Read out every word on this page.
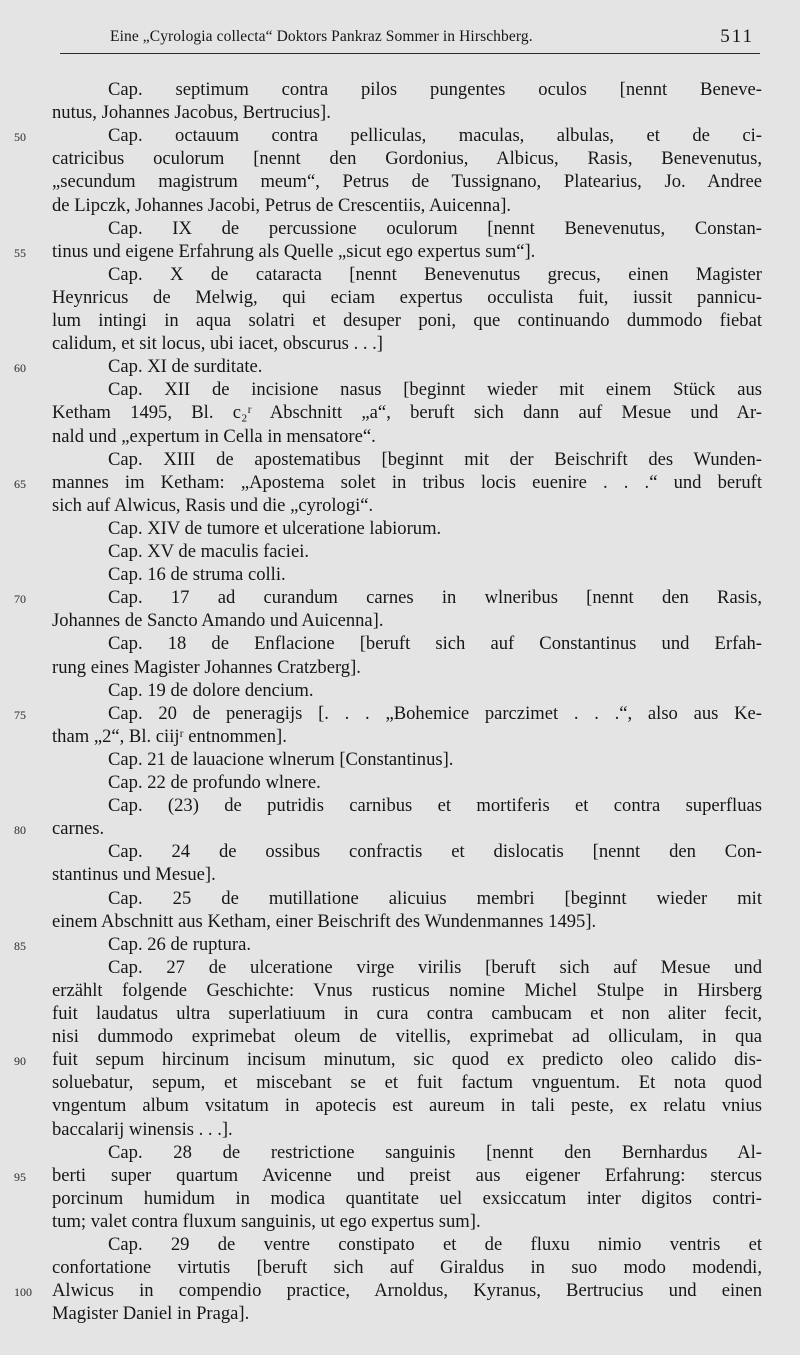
Eine „Cyrologia collecta“ Doktors Pankraz Sommer in Hirschberg.	511
Cap. septimum contra pilos pungentes oculos [nennt Beneve-
nutus, Johannes Jacobus, Bertrucius].
Cap. octauum contra pelliculas, maculas, albulas, et de ci-
50
catricibus oculorum [nennt den Gordonius, Albicus, Rasis, Benevenutus,
„secundum magistrum meum“, Petrus de Tussignano, Platearius, Jo. Andree
de Lipczk, Johannes Jacobi, Petrus de Crescentiis, Auicenna].
Cap. IX de percussione oculorum [nennt Benevenutus, Constan-
tinus und eigene Erfahrung als Quelle „sicut ego expertus sum“].
55
Cap. X de cataracta [nennt Benevenutus grecus, einen Magister
Heynricus de Melwig, qui eciam expertus occulista fuit, iussit pannicu-
lum intingi in aqua solatri et desuper poni, que continuando dummodo fiebat
calidum, et sit locus, ubi iacet, obscurus . . .]
Cap. XI de surditate.
60
Cap. XII de incisione nasus [beginnt wieder mit einem Stück aus
Ketham 1495, Bl. c₂ʳ Abschnitt „a“, beruft sich dann auf Mesue und Ar-
nald und „expertum in Cella in mensatore“.
Cap. XIII de apostematibus [beginnt mit der Beischrift des Wunden-
mannes im Ketham: „Apostema solet in tribus locis euenire . . .“ und beruft
65
sich auf Alwicus, Rasis und die „cyrologi“.
Cap. XIV de tumore et ulceratione labiorum.
Cap. XV de maculis faciei.
Cap. 16 de struma colli.
Cap. 17 ad curandum carnes in wlneribus [nennt den Rasis,
70
Johannes de Sancto Amando und Auicenna].
Cap. 18 de Enflacione [beruft sich auf Constantinus und Erfah-
rung eines Magister Johannes Cratzberg].
Cap. 19 de dolore dencium.
Cap. 20 de peneragijs [. . . „Bohemice parczimet . . .“, also aus Ke-
75
tham „2“, Bl. ciijʳ entnommen].
Cap. 21 de lauacione wlnerum [Constantinus].
Cap. 22 de profundo wlnere.
Cap. (23) de putridis carnibus et mortiferis et contra superfluas
carnes.
80
Cap. 24 de ossibus confractis et dislocatis [nennt den Con-
stantinus und Mesue].
Cap. 25 de mutillatione alicuius membri [beginnt wieder mit
einem Abschnitt aus Ketham, einer Beischrift des Wundenmannes 1495].
Cap. 26 de ruptura.
85
Cap. 27 de ulceratione virge virilis [beruft sich auf Mesue und
erzählt folgende Geschichte: Vnus rusticus nomine Michel Stulpe in Hirsberg
fuit laudatus ultra superlatiuum in cura contra cambucam et non aliter fecit,
nisi dummodo exprimebat oleum de vitellis, exprimebat ad olliculam, in qua
fuit sepum hircinum incisum minutum, sic quod ex predicto oleo calido dis-
90
soluebatur, sepum, et miscebant se et fuit factum vnguentum. Et nota quod
vngentum album vsitatum in apotecis est aureum in tali peste, ex relatu vnius
baccalarij winensis . . .].
Cap. 28 de restrictione sanguinis [nennt den Bernhardus Al-
berti super quartum Avicenne und preist aus eigener Erfahrung: stercus
95
porcinum humidum in modica quantitate uel exsiccatum inter digitos contri-
tum; valet contra fluxum sanguinis, ut ego expertus sum].
Cap. 29 de ventre constipato et de fluxu nimio ventris et
confortatione virtutis [beruft sich auf Giraldus in suo modo modendi,
Alwicus in compendio practice, Arnoldus, Kyranus, Bertrucius und einen
100
Magister Daniel in Praga].
